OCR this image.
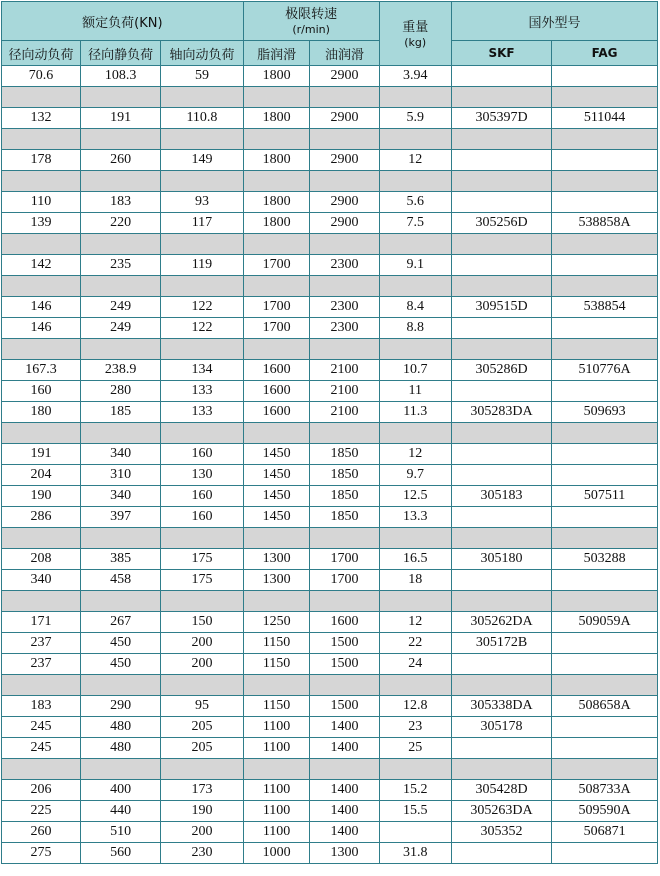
额定负荷(KN)			极限转速
(r/min)		重量
(kg)	国外型号	
径向动负荷	径向静负荷	轴向动负荷	脂润滑	油润滑		SKF	FAG
70.6	108.3	59	1800	2900	3.94		

132	191	110.8	1800	2900	5.9	305397D	511044

178	260	149	1800	2900	12		

110	183	93	1800	2900	5.6		
139	220	117	1800	2900	7.5	305256D	538858A

142	235	119	1700	2300	9.1		

146	249	122	1700	2300	8.4	309515D	538854
146	249	122	1700	2300	8.8		

167.3	238.9	134	1600	2100	10.7	305286D	510776A
160	280	133	1600	2100	11		
180	185	133	1600	2100	11.3	305283DA	509693

191	340	160	1450	1850	12		
204	310	130	1450	1850	9.7		
190	340	160	1450	1850	12.5	305183	507511
286	397	160	1450	1850	13.3		

208	385	175	1300	1700	16.5	305180	503288
340	458	175	1300	1700	18		

171	267	150	1250	1600	12	305262DA	509059A
237	450	200	1150	1500	22	305172B	
237	450	200	1150	1500	24		

183	290	95	1150	1500	12.8	305338DA	508658A
245	480	205	1100	1400	23	305178	
245	480	205	1100	1400	25		

206	400	173	1100	1400	15.2	305428D	508733A
225	440	190	1100	1400	15.5	305263DA	509590A
260	510	200	1100	1400		305352	506871
275	560	230	1000	1300	31.8		
